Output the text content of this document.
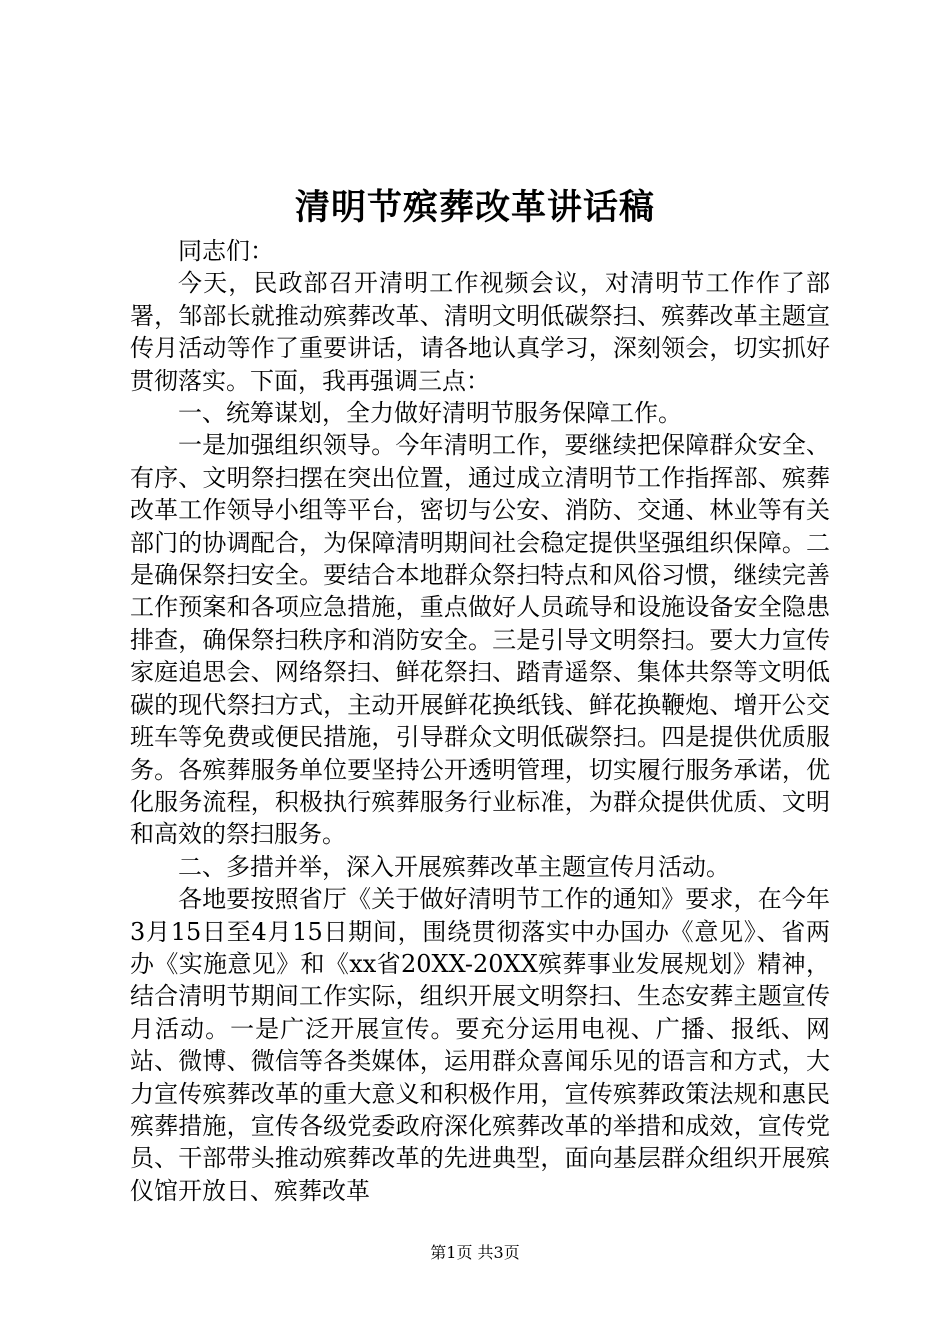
清明节殡葬改革讲话稿

同志们：

今天，民政部召开清明工作视频会议，对清明节工作作了部署，邹部长就推动殡葬改革、清明文明低碳祭扫、殡葬改革主题宣传月活动等作了重要讲话，请各地认真学习，深刻领会，切实抓好贯彻落实。下面，我再强调三点：

一、统筹谋划，全力做好清明节服务保障工作。

一是加强组织领导。今年清明工作，要继续把保障群众安全、有序、文明祭扫摆在突出位置，通过成立清明节工作指挥部、殡葬改革工作领导小组等平台，密切与公安、消防、交通、林业等有关部门的协调配合，为保障清明期间社会稳定提供坚强组织保障。二是确保祭扫安全。要结合本地群众祭扫特点和风俗习惯，继续完善工作预案和各项应急措施，重点做好人员疏导和设施设备安全隐患排查，确保祭扫秩序和消防安全。三是引导文明祭扫。要大力宣传家庭追思会、网络祭扫、鲜花祭扫、踏青遥祭、集体共祭等文明低碳的现代祭扫方式，主动开展鲜花换纸钱、鲜花换鞭炮、增开公交班车等免费或便民措施，引导群众文明低碳祭扫。四是提供优质服务。各殡葬服务单位要坚持公开透明管理，切实履行服务承诺，优化服务流程，积极执行殡葬服务行业标准，为群众提供优质、文明和高效的祭扫服务。

二、多措并举，深入开展殡葬改革主题宣传月活动。

各地要按照省厅《关于做好清明节工作的通知》要求，在今年3月15日至4月15日期间，围绕贯彻落实中办国办《意见》、省两办《实施意见》和《xx省20XX-20XX殡葬事业发展规划》精神，结合清明节期间工作实际，组织开展文明祭扫、生态安葬主题宣传月活动。一是广泛开展宣传。要充分运用电视、广播、报纸、网站、微博、微信等各类媒体，运用群众喜闻乐见的语言和方式，大力宣传殡葬改革的重大意义和积极作用，宣传殡葬政策法规和惠民殡葬措施，宣传各级党委政府深化殡葬改革的举措和成效，宣传党员、干部带头推动殡葬改革的先进典型，面向基层群众组织开展殡仪馆开放日、殡葬改革

第1页 共3页
